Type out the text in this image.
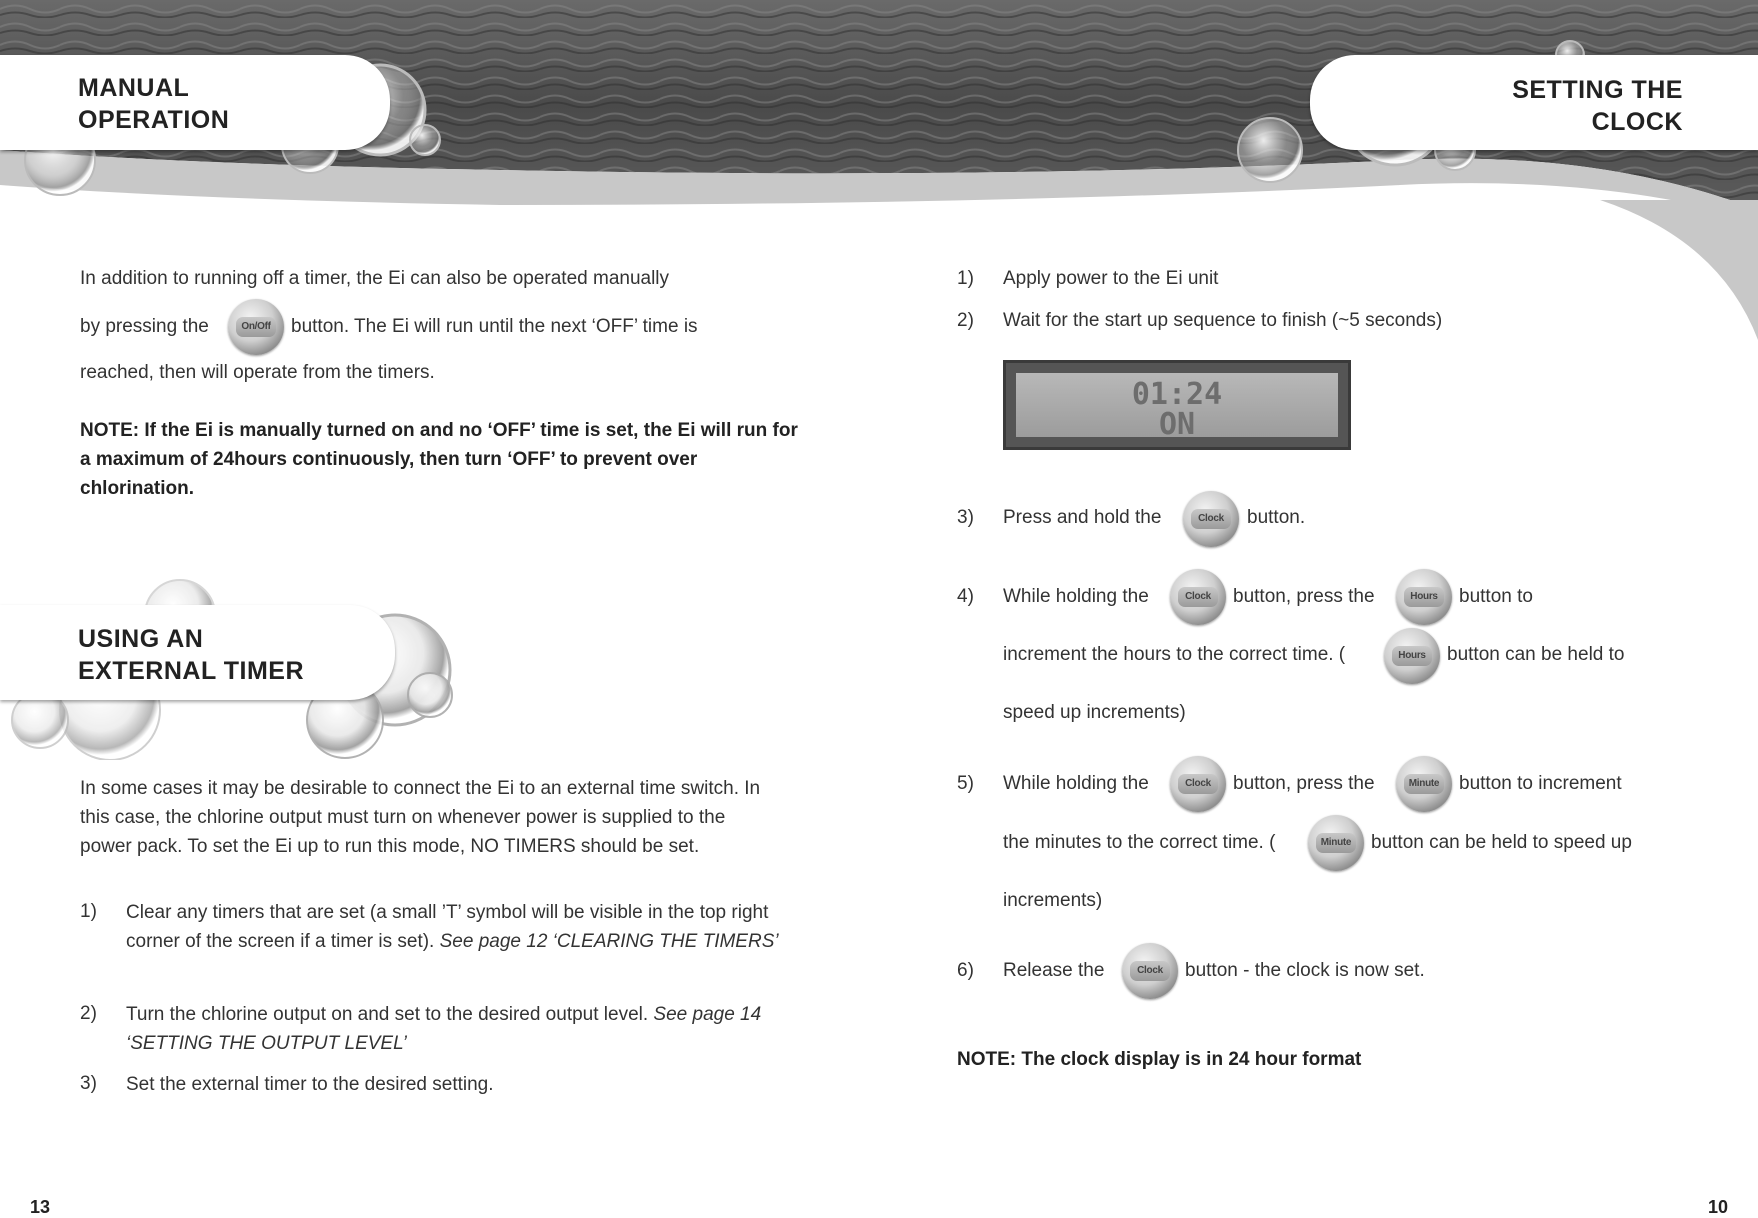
MANUAL
OPERATION
SETTING THE
CLOCK
In addition to running off a timer, the Ei can also be operated manually
by pressing the	On/Off button. The Ei will run until the next ‘OFF’ time is
reached, then will operate from the timers.
NOTE: If the Ei is manually turned on and no ‘OFF’ time is set, the Ei will run for a maximum of 24hours continuously, then turn ‘OFF’ to prevent over chlorination.
USING AN
EXTERNAL TIMER
In some cases it may be desirable to connect the Ei to an external time switch. In this case, the chlorine output must turn on whenever power is supplied to the power pack. To set the Ei up to run this mode, NO TIMERS should be set.
1) Clear any timers that are set (a small ’T’ symbol will be visible in the top right corner of the screen if a timer is set). See page 12 ‘CLEARING THE TIMERS’
2) Turn the chlorine output on and set to the desired output level. See page 14 ‘SETTING THE OUTPUT LEVEL’
3) Set the external timer to the desired setting.
13
1) Apply power to the Ei unit
2) Wait for the start up sequence to finish (~5 seconds)
01:24
ON
3) Press and hold the	Clock	button.
4) While holding the	Clock	button, press the	Hours	button to
increment the hours to the correct time. (	Hours	button can be held to
speed up increments)
5) While holding the	Clock	button, press the	Minute button to increment
the minutes to the correct time. (	Minute button can be held to speed up
increments)
6) Release the	Clock	button - the clock is now set.
NOTE: The clock display is in 24 hour format
10
